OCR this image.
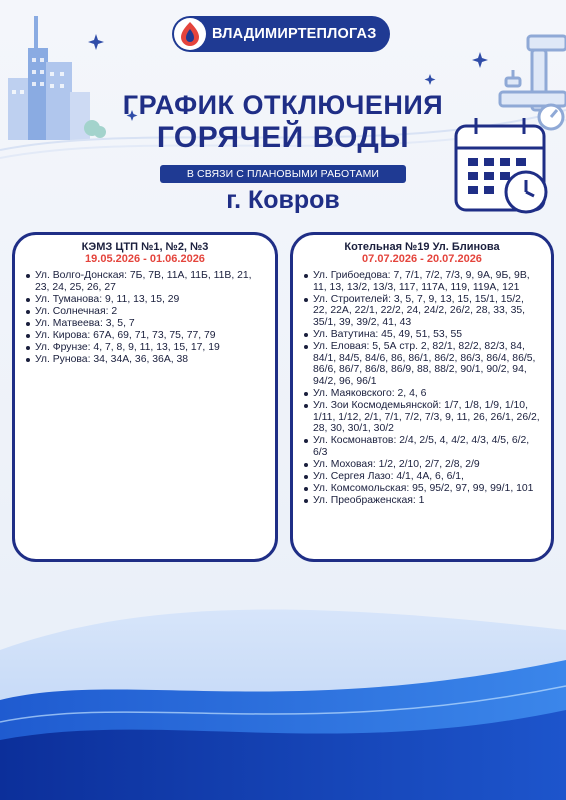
ВЛАДИМИРТЕПЛОГАЗ
ГРАФИК ОТКЛЮЧЕНИЯ
ГОРЯЧЕЙ ВОДЫ
В СВЯЗИ С ПЛАНОВЫМИ РАБОТАМИ
г. Ковров
КЭМЗ ЦТП №1, №2, №3
19.05.2026 - 01.06.2026
Ул. Волго-Донская: 7Б, 7В, 11А, 11Б, 11В, 21, 23, 24, 25, 26, 27
Ул. Туманова: 9, 11, 13, 15, 29
Ул. Солнечная: 2
Ул. Матвеева: 3, 5, 7
Ул. Кирова: 67А, 69, 71, 73, 75, 77, 79
Ул. Фрунзе: 4, 7, 8, 9, 11, 13, 15, 17, 19
Ул. Рунова: 34, 34А, 36, 36А, 38
Котельная №19 Ул. Блинова
07.07.2026 - 20.07.2026
Ул. Грибоедова: 7, 7/1, 7/2, 7/3, 9, 9А, 9Б, 9В, 11, 13, 13/2, 13/3, 117, 117А, 119, 119А, 121
Ул. Строителей: 3, 5, 7, 9, 13, 15, 15/1, 15/2, 22, 22А, 22/1, 22/2, 24, 24/2, 26/2, 28, 33, 35, 35/1, 39, 39/2, 41, 43
Ул. Ватутина: 45, 49, 51, 53, 55
Ул. Еловая: 5, 5А стр. 2, 82/1, 82/2, 82/3, 84, 84/1, 84/5, 84/6, 86, 86/1, 86/2, 86/3, 86/4, 86/5, 86/6, 86/7, 86/8, 86/9, 88, 88/2, 90/1, 90/2, 94, 94/2, 96, 96/1
Ул. Маяковского: 2, 4, 6
Ул. Зои Космодемьянской: 1/7, 1/8, 1/9, 1/10, 1/11, 1/12, 2/1, 7/1, 7/2, 7/3, 9, 11, 26, 26/1, 26/2, 28, 30, 30/1, 30/2
Ул. Космонавтов: 2/4, 2/5, 4, 4/2, 4/3, 4/5, 6/2, 6/3
Ул. Моховая: 1/2, 2/10, 2/7, 2/8, 2/9
Ул. Сергея Лазо: 4/1, 4А, 6, 6/1,
Ул. Комсомольская: 95, 95/2, 97, 99, 99/1, 101
Ул. Преображенская: 1
